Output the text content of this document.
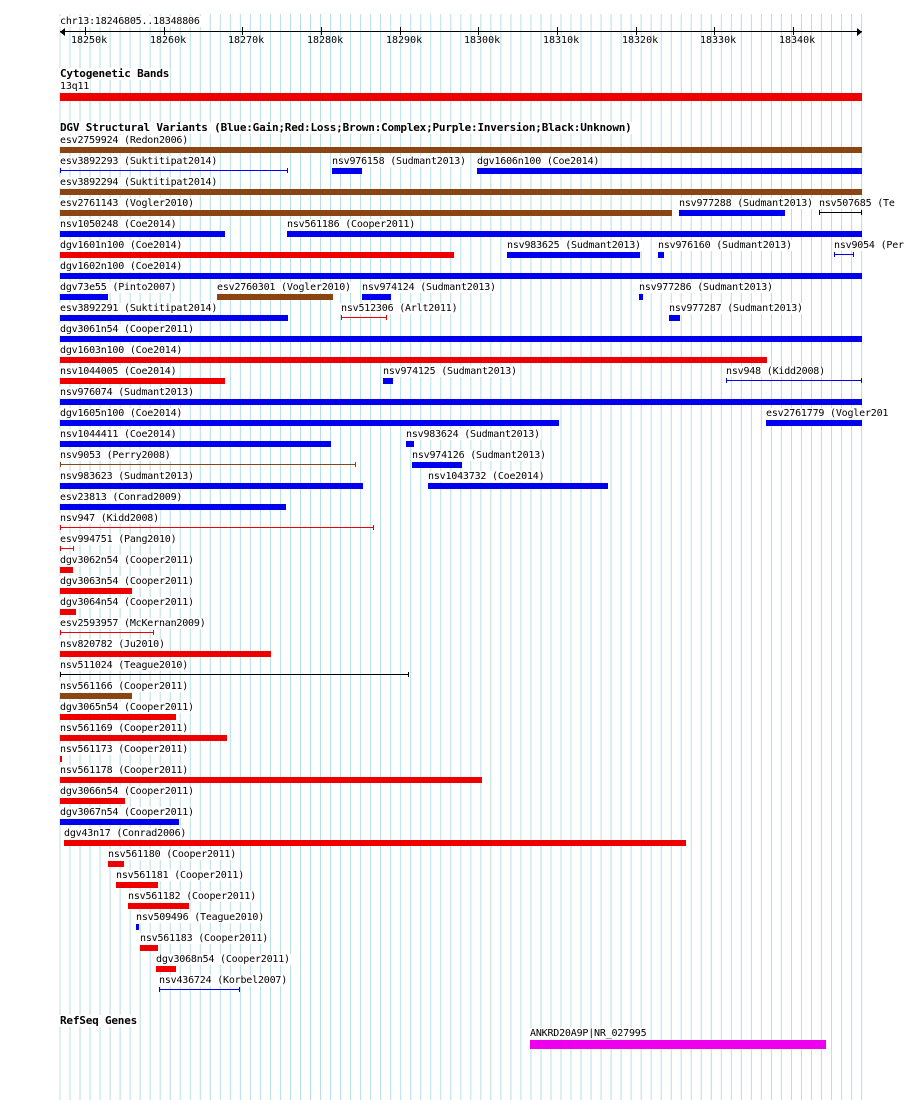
chr13:18246805..18348806
18250k	18260k	18270k	18280k	18290k	18300k	18310k	18320k	18330k	18340k
Cytogenetic Bands
13q11
DGV Structural Variants (Blue:Gain;Red:Loss;Brown:Complex;Purple:Inversion;Black:Unknown)
esv2759924 (Redon2006)
esv3892293 (Suktitipat2014)	nsv976158 (Sudmant2013) dgv1606n100 (Coe2014)
esv3892294 (Suktitipat2014)
esv2761143 (Vogler2010)	nsv977288 (Sudmant2013) nsv507685 (Te
nsv1050248 (Coe2014)	nsv561186 (Cooper2011)
dgv1601n100 (Coe2014)	nsv983625 (Sudmant2013) nsv976160 (Sudmant2013)	nsv9054 (Per
dgv1602n100 (Coe2014)
dgv73e55 (Pinto2007)	esv2760301 (Vogler2010) nsv974124 (Sudmant2013)	nsv977286 (Sudmant2013)
esv3892291 (Suktitipat2014)	nsv512306 (Arlt2011)	nsv977287 (Sudmant2013)
dgv3061n54 (Cooper2011)
dgv1603n100 (Coe2014)
nsv1044005 (Coe2014)	nsv974125 (Sudmant2013)	nsv948 (Kidd2008)
nsv976074 (Sudmant2013)
dgv1605n100 (Coe2014)	esv2761779 (Vogler201
nsv1044411 (Coe2014)	nsv983624 (Sudmant2013)
nsv9053 (Perry2008)	nsv974126 (Sudmant2013)
nsv983623 (Sudmant2013)	nsv1043732 (Coe2014)
esv23813 (Conrad2009)
nsv947 (Kidd2008)
esv994751 (Pang2010)
dgv3062n54 (Cooper2011)
dgv3063n54 (Cooper2011)
dgv3064n54 (Cooper2011)
esv2593957 (McKernan2009)
nsv820782 (Ju2010)
nsv511024 (Teague2010)
nsv561166 (Cooper2011)
dgv3065n54 (Cooper2011)
nsv561169 (Cooper2011)
nsv561173 (Cooper2011)
nsv561178 (Cooper2011)
dgv3066n54 (Cooper2011)
dgv3067n54 (Cooper2011)
dgv43n17 (Conrad2006)
nsv561180 (Cooper2011)
nsv561181 (Cooper2011)
nsv561182 (Cooper2011)
nsv509496 (Teague2010)
nsv561183 (Cooper2011)
dgv3068n54 (Cooper2011)
nsv436724 (Korbel2007)
RefSeq Genes
ANKRD20A9P|NR_027995
